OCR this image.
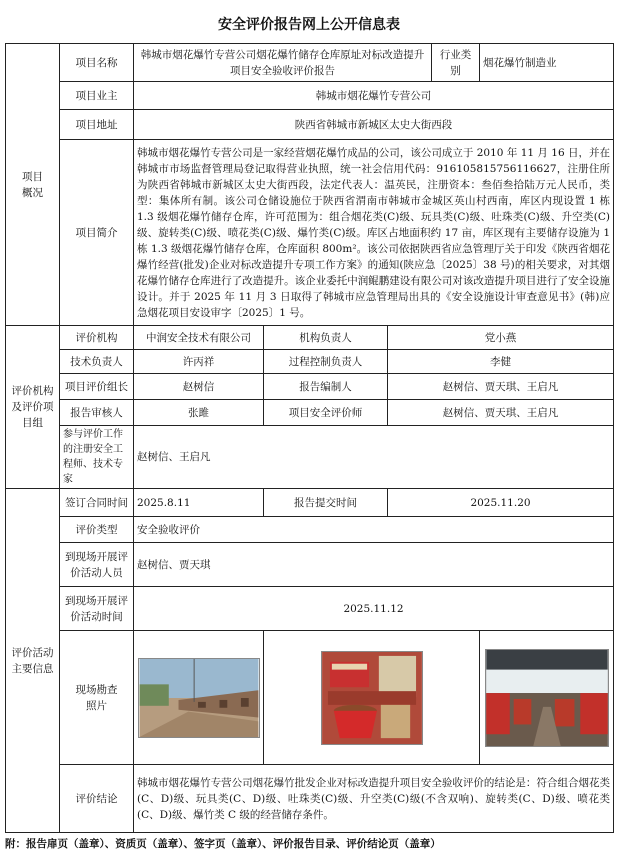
安全评价报告网上公开信息表
项目
概况	项目名称	韩城市烟花爆竹专营公司烟花爆竹储存仓库原址对标改造提升项目安全验收评价报告			行业类别	烟花爆竹制造业
	项目业主	韩城市烟花爆竹专营公司				
	项目地址	陕西省韩城市新城区太史大街西段				
	项目简介	韩城市烟花爆竹专营公司是一家经营烟花爆竹成品的公司，该公司成立于 2010 年 11 月 16 日，并在韩城市市场监督管理局登记取得营业执照，统一社会信用代码：916105815756116627，注册住所为陕西省韩城市新城区太史大街西段，法定代表人：温英民，注册资本：叁佰叁拾陆万元人民币，类型：集体所有制。该公司仓储设施位于陕西省渭南市韩城市金城区英山村西南，库区内现设置 1 栋 1.3 级烟花爆竹储存仓库，许可范围为：组合烟花类(C)级、玩具类(C)级、吐珠类(C)级、升空类(C)级、旋转类(C)级、喷花类(C)级、爆竹类(C)级。库区占地面积约 17 亩，库区现有主要储存设施为 1 栋 1.3 级烟花爆竹储存仓库，仓库面积 800m²。该公司依据陕西省应急管理厅关于印发《陕西省烟花爆竹经营(批发)企业对标改造提升专项工作方案》的通知(陕应急〔2025〕38 号)的相关要求，对其烟花爆竹储存仓库进行了改造提升。该企业委托中润鲲鹏建设有限公司对该改造提升项目进行了安全设施设计。并于 2025 年 11 月 3 日取得了韩城市应急管理局出具的《安全设施设计审查意见书》(韩)应急烟花项目安设审字〔2025〕1 号。				
评价机构
及评价项
目组	评价机构	中润安全技术有限公司	机构负责人	党小燕		
	技术负责人	许丙祥	过程控制负责人	李健		
	项目评价组长	赵树信	报告编制人	赵树信、贾天琪、王启凡		
	报告审核人	张雎	项目安全评价师	赵树信、贾天琪、王启凡		
	参与评价工作的注册安全工程师、技术专家	赵树信、王启凡				
评价活动
主要信息	签订合同时间	2025.8.11	报告提交时间	2025.11.20		
	评价类型	安全验收评价				
	到现场开展评价活动人员	赵树信、贾天琪				
	到现场开展评价活动时间	2025.11.12				
	现场勘查
照片	

	评价结论	韩城市烟花爆竹专营公司烟花爆竹批发企业对标改造提升项目安全验收评价的结论是：符合组合烟花类(C、D)级、玩具类(C、D)级、吐珠类(C)级、升空类(C)级(不含双响)、旋转类(C、D)级、喷花类(C、D)级、爆竹类 C 级的经营储存条件。				
附：报告扉页（盖章）、资质页（盖章）、签字页（盖章）、评价报告目录、评价结论页（盖章）
